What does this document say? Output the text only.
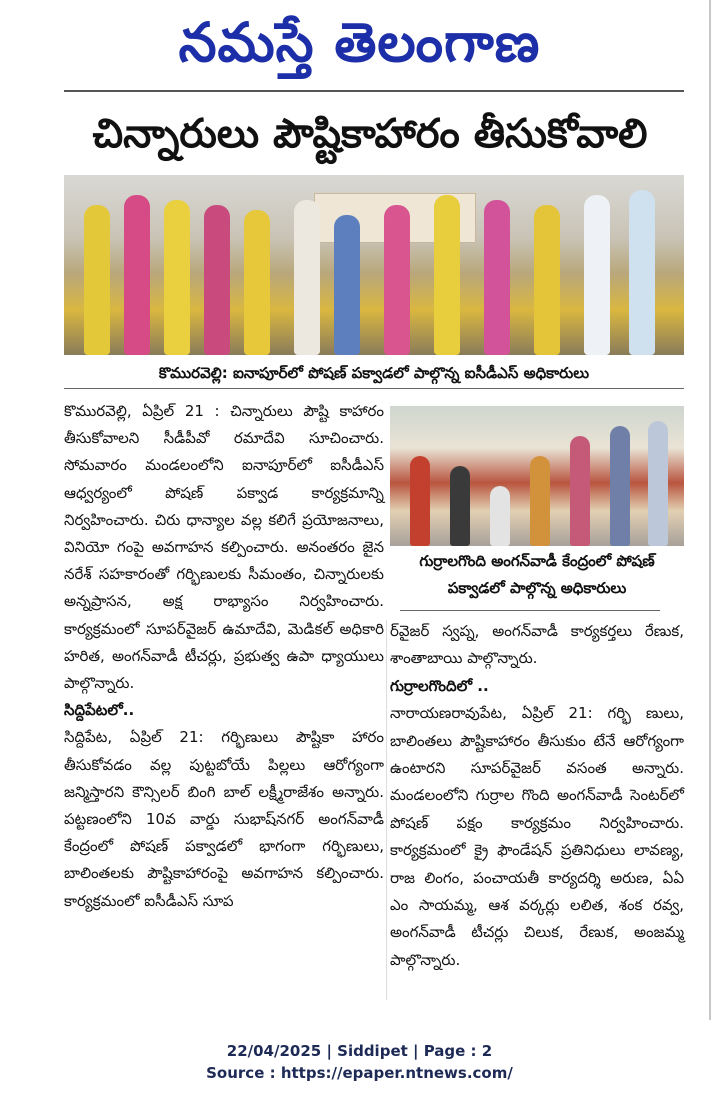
నమస్తే తెలంగాణ
చిన్నారులు పౌష్టికాహారం తీసుకోవాలి
కొమురవెల్లి: ఐనాపూర్‌లో పోషణ్ పక్వాడలో పాల్గొన్న ఐసీడీఎస్ అధికారులు

కొమురవెల్లి, ఏప్రిల్ 21 : చిన్నారులు పౌష్టి కాహారం తీసుకోవాలని సీడీపీవో రమాదేవి సూచించారు. సోమవారం మండలంలోని ఐనాపూర్‌లో ఐసీడీఎస్ ఆధ్వర్యంలో పోషణ్ పక్వాడ కార్యక్రమాన్ని నిర్వహించారు. చిరు ధాన్యాల వల్ల కలిగే ప్రయోజనాలు, వినియో గంపై అవగాహన కల్పించారు. అనంతరం జైన నరేశ్ సహకారంతో గర్భిణులకు సీమంతం, చిన్నారులకు అన్నప్రాసన, అక్ష రాభ్యాసం నిర్వహించారు. కార్యక్రమంలో సూపర్‌వైజర్ ఉమాదేవి, మెడికల్ అధికారి హరిత, అంగన్‌వాడీ టీచర్లు, ప్రభుత్వ ఉపా ధ్యాయులు పాల్గొన్నారు.

సిద్దిపేటలో..

సిద్దిపేట, ఏప్రిల్ 21: గర్భిణులు పౌష్టికా హారం తీసుకోవడం వల్ల పుట్టబోయే పిల్లలు ఆరోగ్యంగా జన్మిస్తారని కౌన్సిలర్ బింగి బాల్ లక్ష్మీరాజేశం అన్నారు. పట్టణంలోని 10వ వార్డు సుభాష్‌నగర్ అంగన్‌వాడీ కేంద్రంలో పోషణ్ పక్వాడలో భాగంగా గర్భిణులు, బాలింతలకు పౌష్టికాహారంపై అవగాహన కల్పించారు. కార్యక్రమంలో ఐసీడీఎస్ సూప

గుర్రాలగొంది అంగన్‌వాడీ కేంద్రంలో పోషణ్ పక్వాడలో పాల్గొన్న అధికారులు

ర్‌వైజర్ స్వప్న, అంగన్‌వాడీ కార్యకర్తలు రేణుక, శాంతాబాయి పాల్గొన్నారు.

గుర్రాలగొందిలో ..

నారాయణరావుపేట, ఏప్రిల్ 21: గర్భి ణులు, బాలింతలు పౌష్టికాహారం తీసుకుం టేనే ఆరోగ్యంగా ఉంటారని సూపర్‌వైజర్ వసంత అన్నారు. మండలంలోని గుర్రాల గొంది అంగన్‌వాడీ సెంటర్‌లో పోషణ్ పక్షం కార్యక్రమం నిర్వహించారు. కార్యక్రమంలో క్రై ఫౌండేషన్ ప్రతినిధులు లావణ్య, రాజ లింగం, పంచాయతీ కార్యదర్శి అరుణ, ఏఏ ఎం సాయమ్మ, ఆశ వర్కర్లు లలిత, శంక రవ్వ, అంగన్‌వాడీ టీచర్లు చిలుక, రేణుక, అంజమ్మ పాల్గొన్నారు.

22/04/2025 | Siddipet | Page : 2
Source : https://epaper.ntnews.com/
